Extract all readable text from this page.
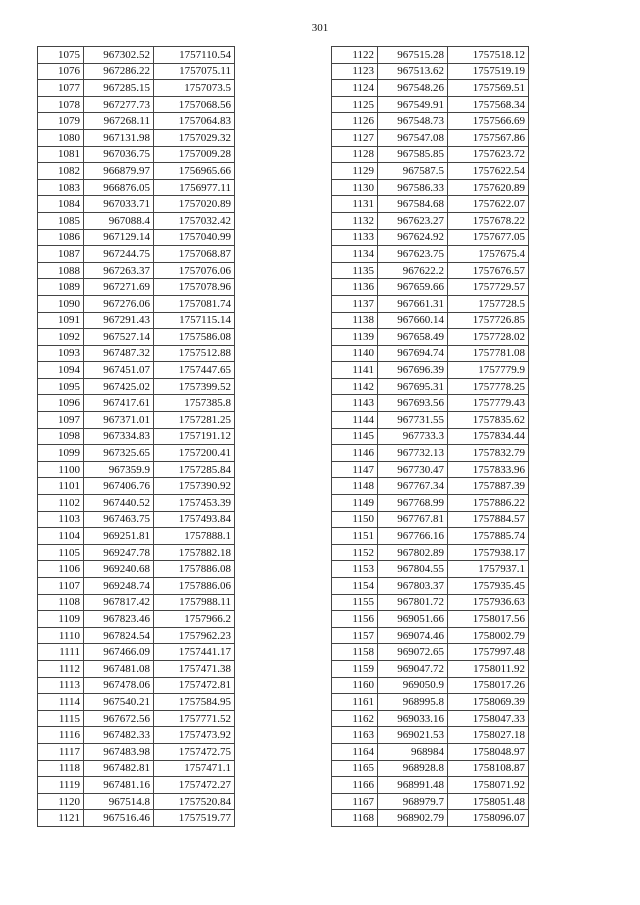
301
1075	967302.52	1757110.54
1076	967286.22	1757075.11
1077	967285.15	1757073.5
1078	967277.73	1757068.56
1079	967268.11	1757064.83
1080	967131.98	1757029.32
1081	967036.75	1757009.28
1082	966879.97	1756965.66
1083	966876.05	1756977.11
1084	967033.71	1757020.89
1085	967088.4	1757032.42
1086	967129.14	1757040.99
1087	967244.75	1757068.87
1088	967263.37	1757076.06
1089	967271.69	1757078.96
1090	967276.06	1757081.74
1091	967291.43	1757115.14
1092	967527.14	1757586.08
1093	967487.32	1757512.88
1094	967451.07	1757447.65
1095	967425.02	1757399.52
1096	967417.61	1757385.8
1097	967371.01	1757281.25
1098	967334.83	1757191.12
1099	967325.65	1757200.41
1100	967359.9	1757285.84
1101	967406.76	1757390.92
1102	967440.52	1757453.39
1103	967463.75	1757493.84
1104	969251.81	1757888.1
1105	969247.78	1757882.18
1106	969240.68	1757886.08
1107	969248.74	1757886.06
1108	967817.42	1757988.11
1109	967823.46	1757966.2
1110	967824.54	1757962.23
1111	967466.09	1757441.17
1112	967481.08	1757471.38
1113	967478.06	1757472.81
1114	967540.21	1757584.95
1115	967672.56	1757771.52
1116	967482.33	1757473.92
1117	967483.98	1757472.75
1118	967482.81	1757471.1
1119	967481.16	1757472.27
1120	967514.8	1757520.84
1121	967516.46	1757519.77
1122	967515.28	1757518.12
1123	967513.62	1757519.19
1124	967548.26	1757569.51
1125	967549.91	1757568.34
1126	967548.73	1757566.69
1127	967547.08	1757567.86
1128	967585.85	1757623.72
1129	967587.5	1757622.54
1130	967586.33	1757620.89
1131	967584.68	1757622.07
1132	967623.27	1757678.22
1133	967624.92	1757677.05
1134	967623.75	1757675.4
1135	967622.2	1757676.57
1136	967659.66	1757729.57
1137	967661.31	1757728.5
1138	967660.14	1757726.85
1139	967658.49	1757728.02
1140	967694.74	1757781.08
1141	967696.39	1757779.9
1142	967695.31	1757778.25
1143	967693.56	1757779.43
1144	967731.55	1757835.62
1145	967733.3	1757834.44
1146	967732.13	1757832.79
1147	967730.47	1757833.96
1148	967767.34	1757887.39
1149	967768.99	1757886.22
1150	967767.81	1757884.57
1151	967766.16	1757885.74
1152	967802.89	1757938.17
1153	967804.55	1757937.1
1154	967803.37	1757935.45
1155	967801.72	1757936.63
1156	969051.66	1758017.56
1157	969074.46	1758002.79
1158	969072.65	1757997.48
1159	969047.72	1758011.92
1160	969050.9	1758017.26
1161	968995.8	1758069.39
1162	969033.16	1758047.33
1163	969021.53	1758027.18
1164	968984	1758048.97
1165	968928.8	1758108.87
1166	968991.48	1758071.92
1167	968979.7	1758051.48
1168	968902.79	1758096.07
